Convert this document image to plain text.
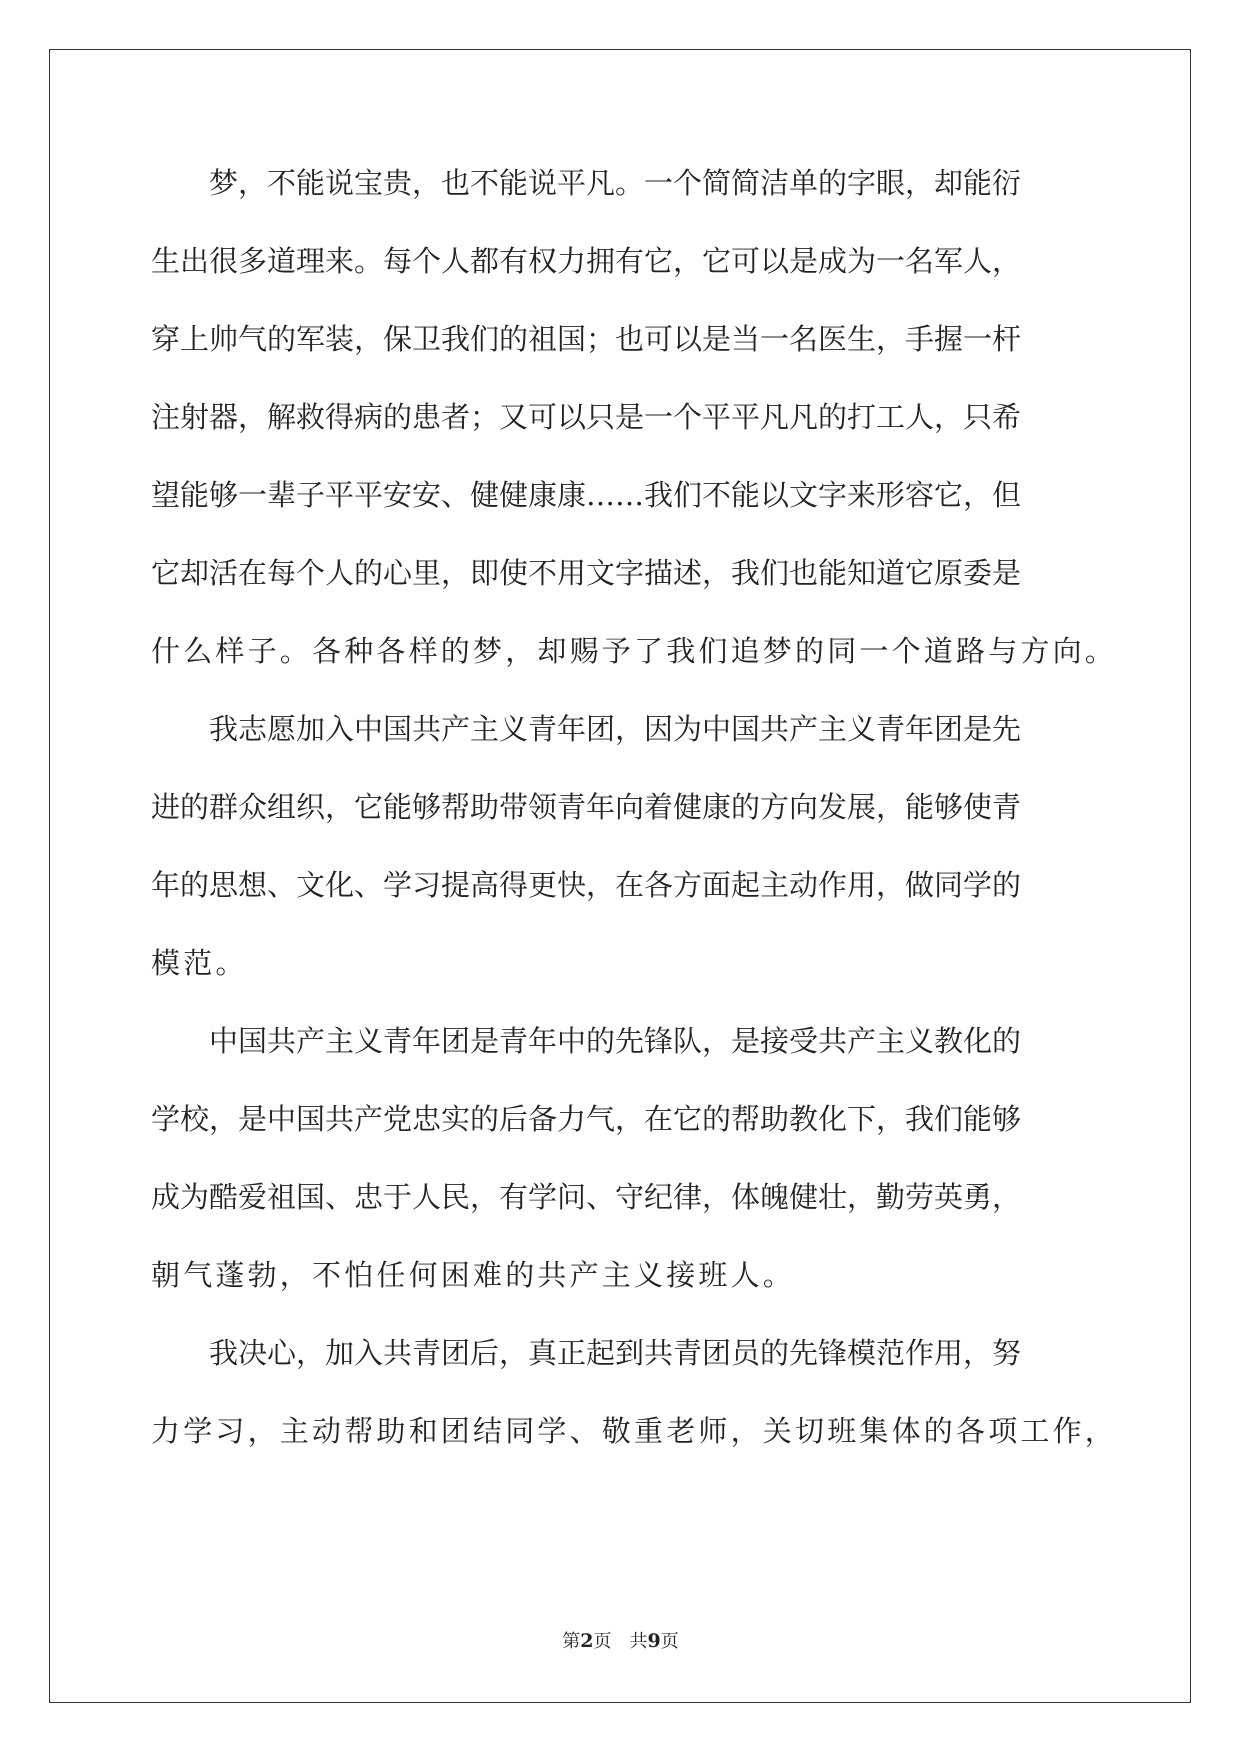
梦，不能说宝贵，也不能说平凡。一个简简洁单的字眼，却能衍
生出很多道理来。每个人都有权力拥有它，它可以是成为一名军人，
穿上帅气的军装，保卫我们的祖国；也可以是当一名医生，手握一杆
注射器，解救得病的患者；又可以只是一个平平凡凡的打工人，只希
望能够一辈子平平安安、健健康康……我们不能以文字来形容它，但
它却活在每个人的心里，即使不用文字描述，我们也能知道它原委是
什么样子。各种各样的梦，却赐予了我们追梦的同一个道路与方向。
我志愿加入中国共产主义青年团，因为中国共产主义青年团是先
进的群众组织，它能够帮助带领青年向着健康的方向发展，能够使青
年的思想、文化、学习提高得更快，在各方面起主动作用，做同学的
模范。
中国共产主义青年团是青年中的先锋队，是接受共产主义教化的
学校，是中国共产党忠实的后备力气，在它的帮助教化下，我们能够
成为酷爱祖国、忠于人民，有学问、守纪律，体魄健壮，勤劳英勇，
朝气蓬勃，不怕任何困难的共产主义接班人。
我决心，加入共青团后，真正起到共青团员的先锋模范作用，努
力学习，主动帮助和团结同学、敬重老师，关切班集体的各项工作，
第2页 共9页
